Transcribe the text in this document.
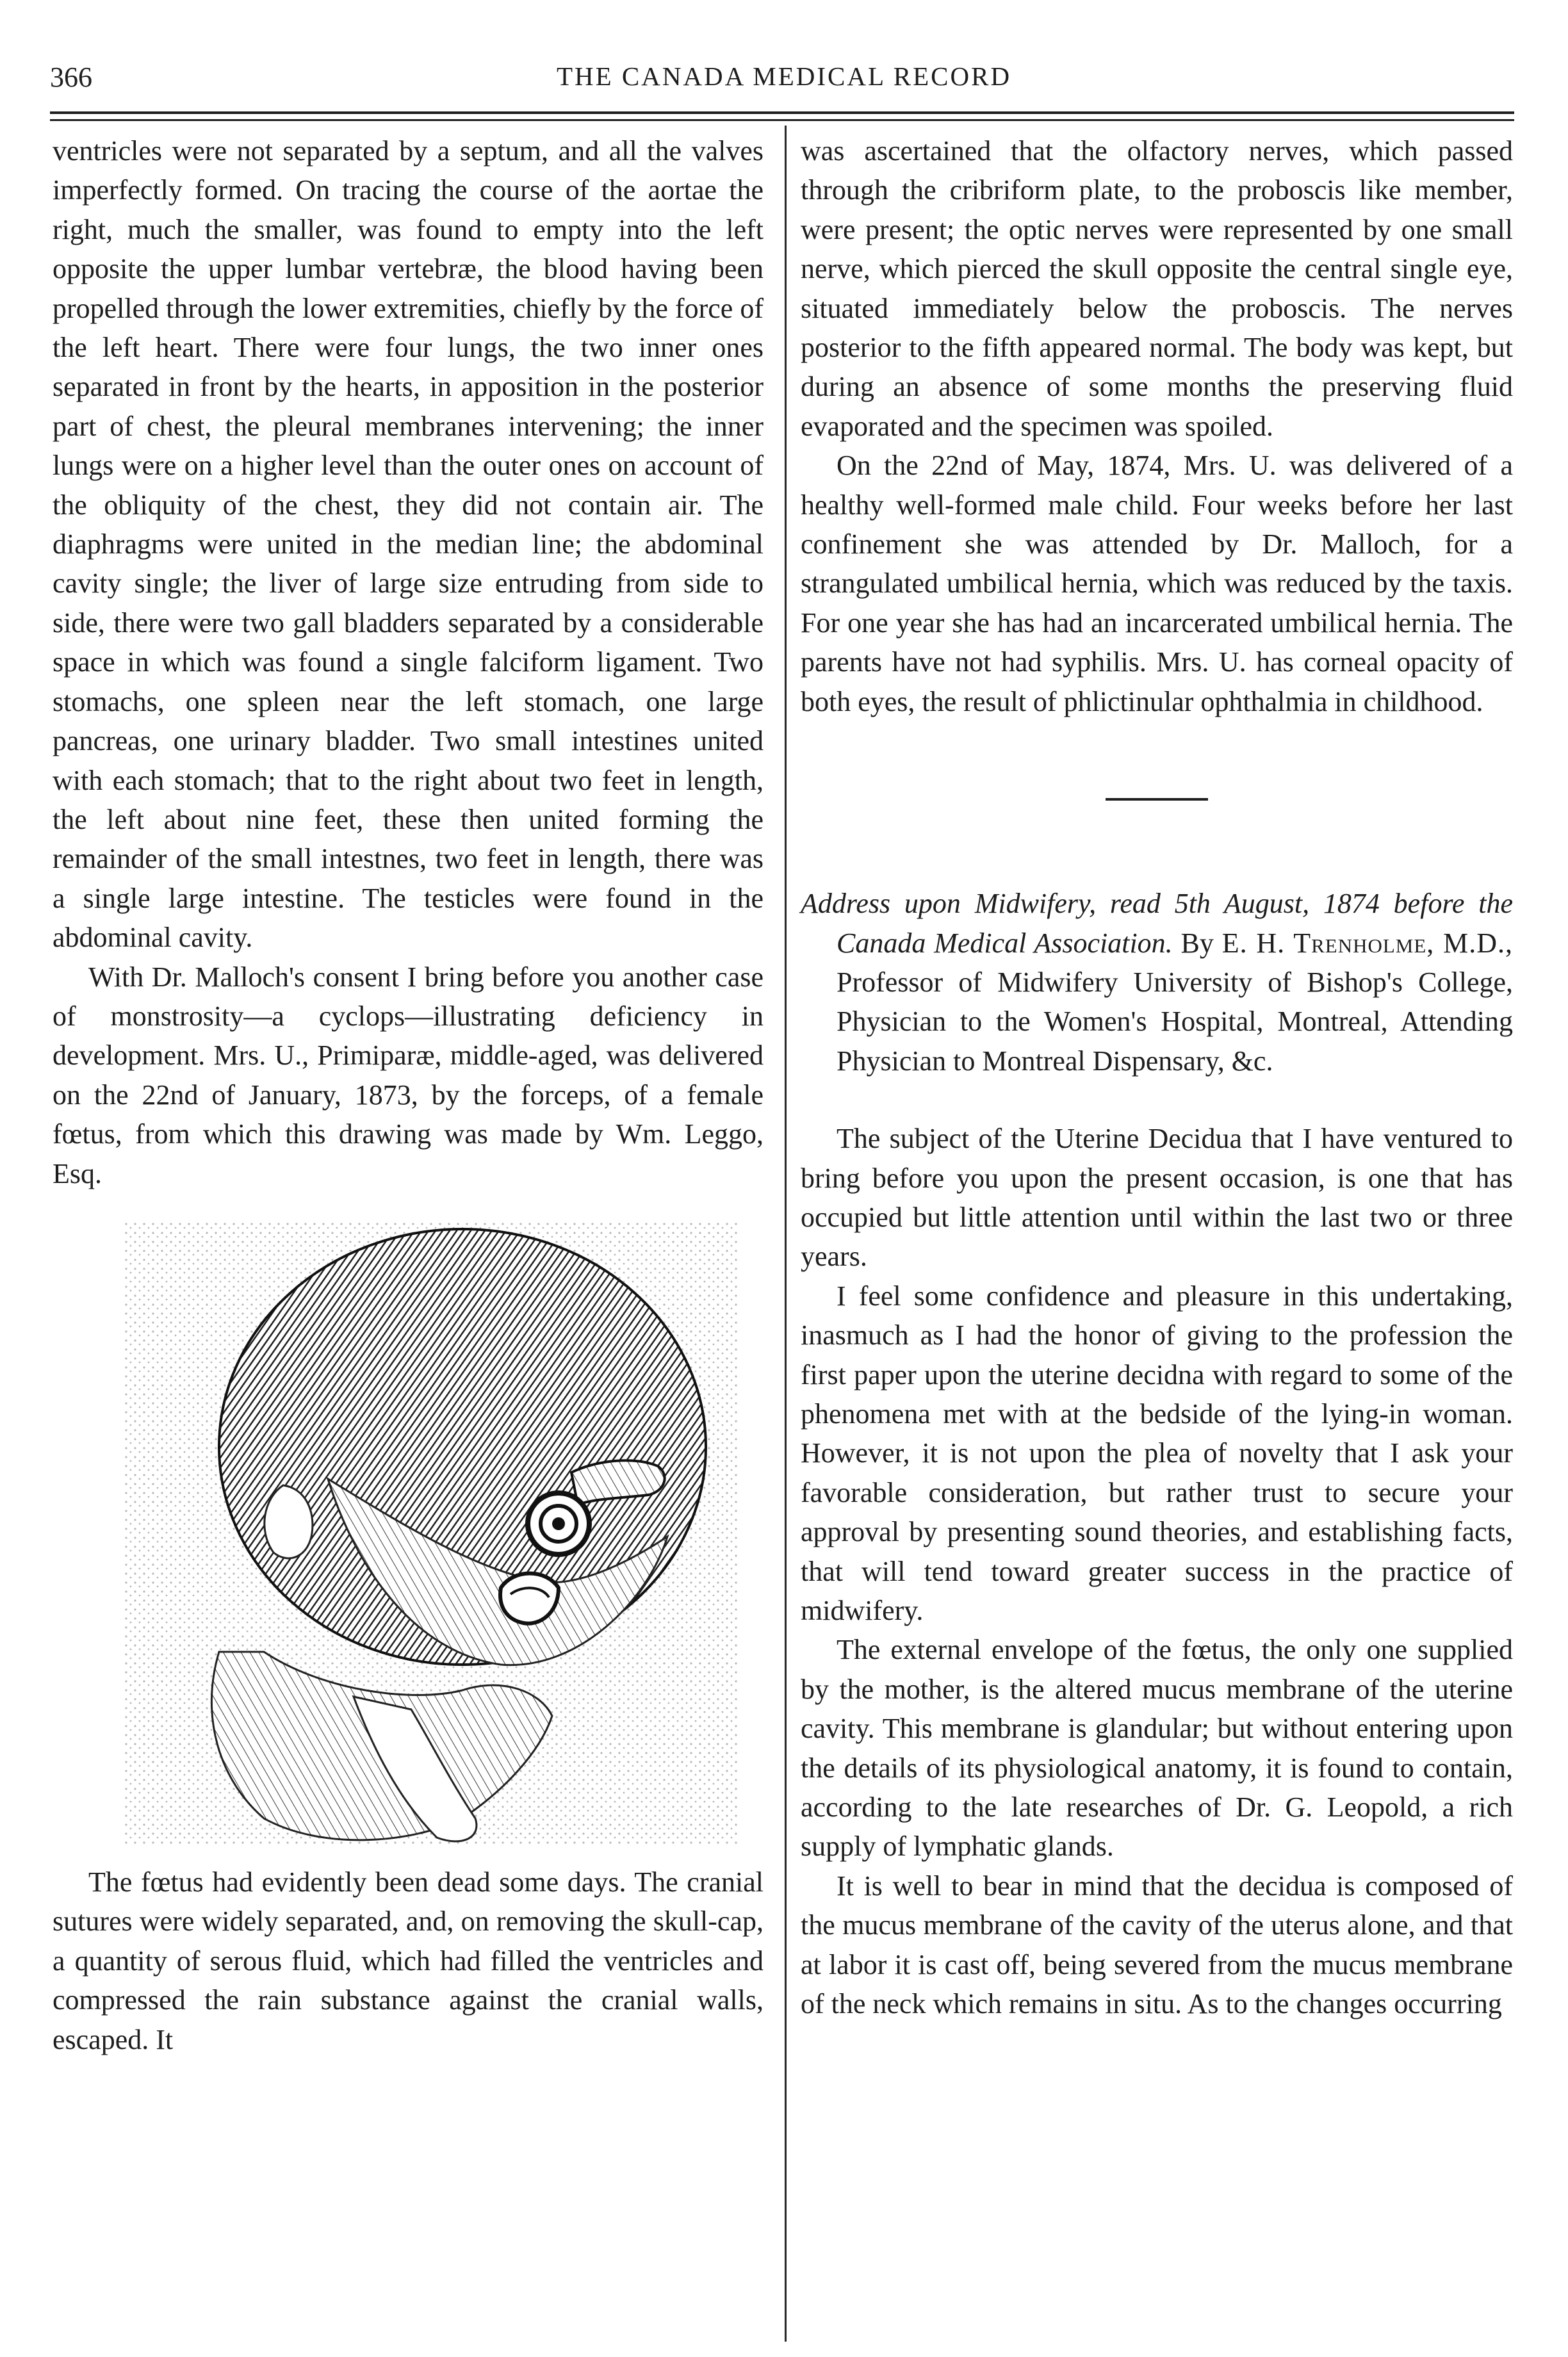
366	THE CANADA MEDICAL RECORD

ventricles were not separated by a septum, and all the valves imperfectly formed. On tracing the course of the aortae the right, much the smaller, was found to empty into the left opposite the upper lumbar vertebræ, the blood having been propelled through the lower extremities, chiefly by the force of the left heart. There were four lungs, the two inner ones separated in front by the hearts, in apposition in the posterior part of chest, the pleural membranes intervening; the inner lungs were on a higher level than the outer ones on account of the obliquity of the chest, they did not contain air. The diaphragms were united in the median line; the abdominal cavity single; the liver of large size entruding from side to side, there were two gall bladders separated by a considerable space in which was found a single falciform ligament. Two stomachs, one spleen near the left stomach, one large pancreas, one urinary bladder. Two small intestines united with each stomach; that to the right about two feet in length, the left about nine feet, these then united forming the remainder of the small intestnes, two feet in length, there was a single large intestine. The testicles were found in the abdominal cavity.

With Dr. Malloch's consent I bring before you another case of monstrosity—a cyclops—illustrating deficiency in development. Mrs. U., Primiparæ, middle-aged, was delivered on the 22nd of January, 1873, by the forceps, of a female fœtus, from which this drawing was made by Wm. Leggo, Esq.

The fœtus had evidently been dead some days. The cranial sutures were widely separated, and, on removing the skull-cap, a quantity of serous fluid, which had filled the ventricles and compressed the rain substance against the cranial walls, escaped. It

was ascertained that the olfactory nerves, which passed through the cribriform plate, to the proboscis like member, were present; the optic nerves were represented by one small nerve, which pierced the skull opposite the central single eye, situated immediately below the proboscis. The nerves posterior to the fifth appeared normal. The body was kept, but during an absence of some months the preserving fluid evaporated and the specimen was spoiled.

On the 22nd of May, 1874, Mrs. U. was delivered of a healthy well-formed male child. Four weeks before her last confinement she was attended by Dr. Malloch, for a strangulated umbilical hernia, which was reduced by the taxis. For one year she has had an incarcerated umbilical hernia. The parents have not had syphilis. Mrs. U. has corneal opacity of both eyes, the result of phlictinular ophthalmia in childhood.

Address upon Midwifery, read 5th August, 1874 before the Canada Medical Association. By E. H. Trenholme, M.D., Professor of Midwifery University of Bishop's College, Physician to the Women's Hospital, Montreal, Attending Physician to Montreal Dispensary, &c.

The subject of the Uterine Decidua that I have ventured to bring before you upon the present occasion, is one that has occupied but little attention until within the last two or three years.

I feel some confidence and pleasure in this undertaking, inasmuch as I had the honor of giving to the profession the first paper upon the uterine decidna with regard to some of the phenomena met with at the bedside of the lying-in woman. However, it is not upon the plea of novelty that I ask your favorable consideration, but rather trust to secure your approval by presenting sound theories, and establishing facts, that will tend toward greater success in the practice of midwifery.

The external envelope of the fœtus, the only one supplied by the mother, is the altered mucus membrane of the uterine cavity. This membrane is glandular; but without entering upon the details of its physiological anatomy, it is found to contain, according to the late researches of Dr. G. Leopold, a rich supply of lymphatic glands.

It is well to bear in mind that the decidua is composed of the mucus membrane of the cavity of the uterus alone, and that at labor it is cast off, being severed from the mucus membrane of the neck which remains in situ. As to the changes occurring
